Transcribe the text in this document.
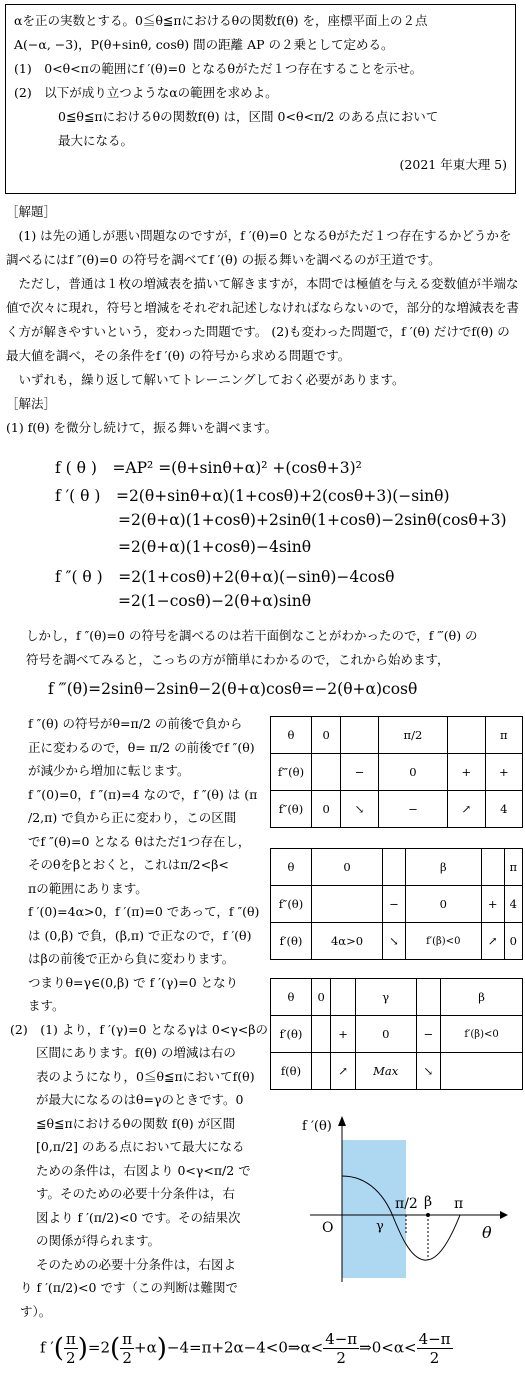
αを正の実数とする。0≦θ≦πにおけるθの関数f(θ) を，座標平面上の２点
A(−α, −3)，P(θ+sinθ, cosθ) 間の距離 AP の２乗として定める。
(1)　0<θ<πの範囲にf ′(θ)=0 となるθがただ１つ存在することを示せ。
(2)　以下が成り立つようなαの範囲を求めよ。
0≦θ≦πにおけるθの関数f(θ) は，区間 0<θ<π/2 のある点において
最大になる。
(2021 年東大理 5)

［解題］

(1) は先の通しが悪い問題なのですが，f ′(θ)=0 となるθがただ１つ存在するかどうかを調べるにはf ″(θ)=0 の符号を調べてf ′(θ) の振る舞いを調べるのが王道です。

ただし，普通は１枚の増減表を描いて解きますが，本問では極値を与える変数値が半端な値で次々に現れ，符号と増減をそれぞれ記述しなければならないので，部分的な増減表を書く方が解きやすいという，変わった問題です。 (2)も変わった問題で，f ′(θ) だけでf(θ) の最大値を調べ，その条件をf ′(θ) の符号から求める問題です。

いずれも，繰り返して解いてトレーニングしておく必要があります。

［解法］

(1) f(θ) を微分し続けて，振る舞いを調べます。

f ( θ )　=AP² =(θ+sinθ+α)² +(cosθ+3)²
f ′( θ )　=2(θ+sinθ+α)(1+cosθ)+2(cosθ+3)(−sinθ)
=2(θ+α)(1+cosθ)+2sinθ(1+cosθ)−2sinθ(cosθ+3)
=2(θ+α)(1+cosθ)−4sinθ
f ″( θ )　=2(1+cosθ)+2(θ+α)(−sinθ)−4cosθ
=2(1−cosθ)−2(θ+α)sinθ

しかし，f ″(θ)=0 の符号を調べるのは若干面倒なことがわかったので，f ‴(θ) の

符号を調べてみると，こっちの方が簡単にわかるので，これから始めます，

f ‴(θ)=2sinθ−2sinθ−2(θ+α)cosθ=−2(θ+α)cosθ
f ″(θ) の符号がθ=π/2 の前後で負から
正に変わるので，θ= π/2 の前後でf ″(θ)
が減少から増加に転じます。
f ″(0)=0，f ″(π)=4 なので，f ″(θ) は (π
/2,π) で負から正に変わり，この区間
でf ″(θ)=0 となる θはただ1つ存在し，
そのθをβとおくと，これはπ/2<β<
πの範囲にあります。
f ′(0)=4α>0，f ′(π)=0 であって，f ″(θ)
は (0,β) で負，(β,π) で正なので，f ′(θ)
はβの前後で正から負に変わります。
つまりθ=γ∈(0,β) で f ′(γ)=0 となり
ます。
(2)　(1) より，f ′(γ)=0 となるγは 0<γ<βの
区間にあります。f(θ) の増減は右の
表のようになり，0≦θ≦πにおいてf(θ)
が最大になるのはθ=γのときです。0
≦θ≦πにおけるθの関数 f(θ) が区間
[0,π/2] のある点において最大になる
ための条件は，右図より 0<γ<π/2 で
す。そのための必要十分条件は，右
図より f ′(π/2)<0 です。その結果次
の関係が得られます。
そのための必要十分条件は，右図よ
り f ′(π/2)<0 です（この判断は難関です）。
θ	0		π/2		π
f‴(θ)		−	0	+	+
f″(θ)	0	↘	−	↗	4
θ	0		β		π
f″(θ)		−	0	+	4
f′(θ)	4α>0	↘	f′(β)<0	↗	0
θ	0		γ		β
f′(θ)		+	0	−	f′(β)<0
f(θ)		↗	Max	↘	
f ′(θ)
θ
O	γ
π/2 β π
f ′( $\frac{\pi}{2} )=2( \frac{\pi}{2}$ +α)−4=π+2α−4<0⇒α< $\frac{4-\pi}{2}$ ⇒0<α< $\frac{4-\pi}{2}$
